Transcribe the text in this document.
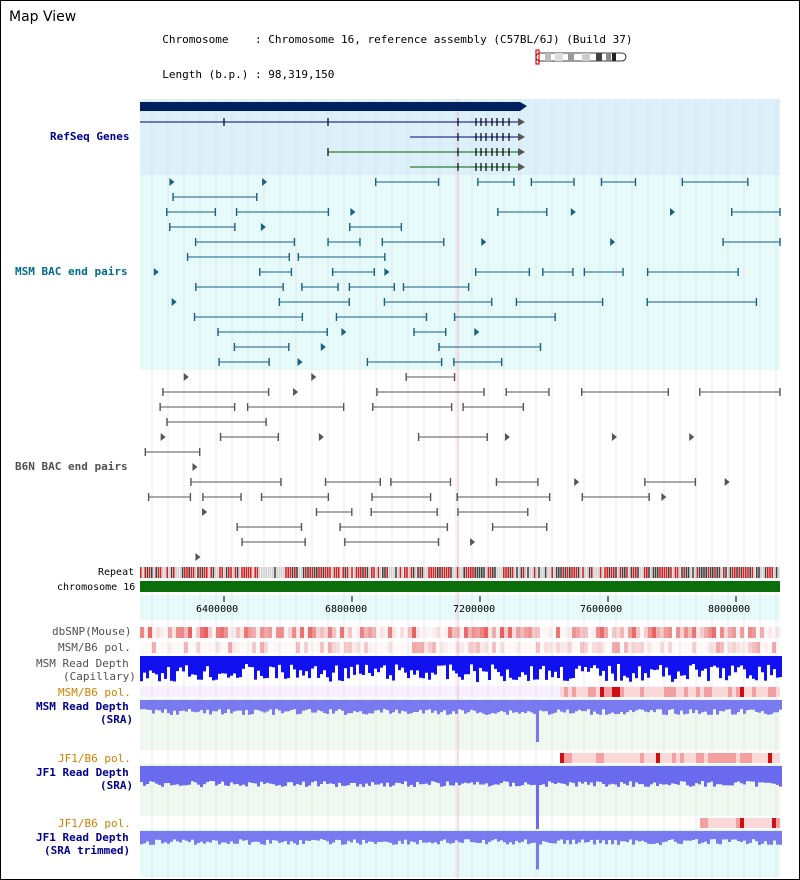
Map View

Chromosome    : Chromosome 16, reference assembly (C57BL/6J) (Build 37)

Length (b.p.) : 98,319,150

RefSeq Genes
MSM BAC end pairs
B6N BAC end pairs
Repeat
chromosome 16
dbSNP(Mouse)
MSM/B6 pol.
MSM Read Depth
(Capillary)
MSM/B6 pol.
MSM Read Depth
(SRA)
JF1/B6 pol.
JF1 Read Depth
(SRA)
JF1/B6 pol.
JF1 Read Depth
(SRA trimmed)
6400000	6800000	7200000	7600000	8000000
